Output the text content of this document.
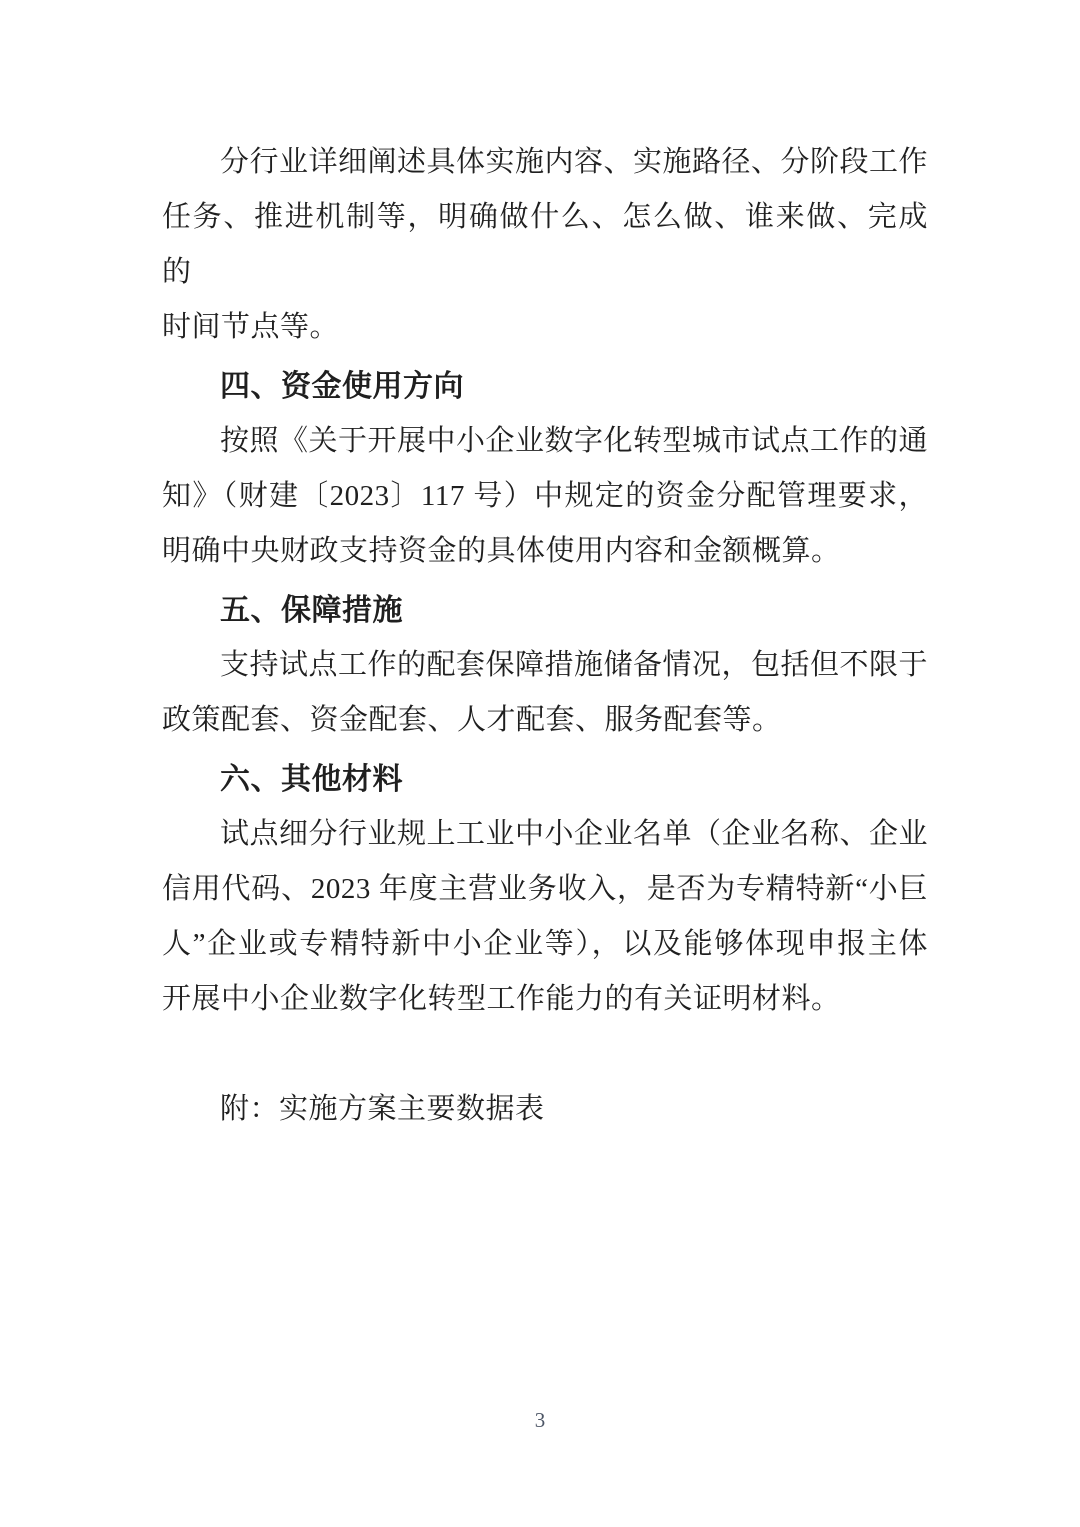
分行业详细阐述具体实施内容、实施路径、分阶段工作
任务、推进机制等，明确做什么、怎么做、谁来做、完成的
时间节点等。
四、资金使用方向
按照《关于开展中小企业数字化转型城市试点工作的通
知》（财建〔2023〕117 号）中规定的资金分配管理要求，
明确中央财政支持资金的具体使用内容和金额概算。
五、保障措施
支持试点工作的配套保障措施储备情况，包括但不限于
政策配套、资金配套、人才配套、服务配套等。
六、其他材料
试点细分行业规上工业中小企业名单（企业名称、企业
信用代码、2023 年度主营业务收入，是否为专精特新“小巨
人”企业或专精特新中小企业等），以及能够体现申报主体
开展中小企业数字化转型工作能力的有关证明材料。
附：实施方案主要数据表
3
